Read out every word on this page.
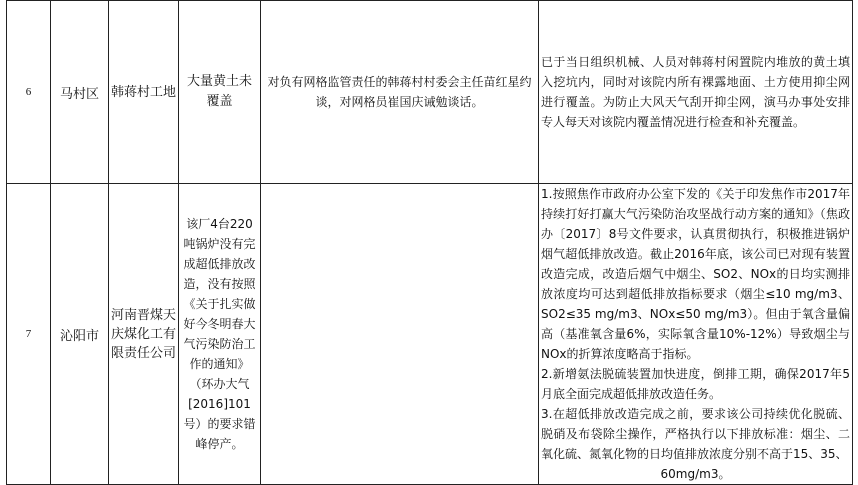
6	马村区	韩蒋村工地	大量黄土未覆盖	对负有网格监管责任的韩蒋村村委会主任苗红星约谈，对网格员崔国庆诫勉谈话。	已于当日组织机械、人员对韩蒋村闲置院内堆放的黄土填入挖坑内，同时对该院内所有裸露地面、土方使用抑尘网进行覆盖。为防止大风天气刮开抑尘网，演马办事处安排专人每天对该院内覆盖情况进行检查和补充覆盖。
7	沁阳市	河南晋煤天庆煤化工有限责任公司	该厂4台220吨锅炉没有完成超低排放改造，没有按照《关于扎实做好今冬明春大气污染防治工作的通知》（环办大气[2016]101号）的要求错峰停产。		1.按照焦作市政府办公室下发的《关于印发焦作市2017年持续打好打赢大气污染防治攻坚战行动方案的通知》（焦政办〔2017〕8号文件要求，认真贯彻执行，积极推进锅炉烟气超低排放改造。截止2016年底，该公司已对现有装置改造完成，改造后烟气中烟尘、SO2、NOx的日均实测排放浓度均可达到超低排放指标要求（烟尘≤10 mg/m3、SO2≤35 mg/m3、NOx≤50 mg/m3）。但由于氧含量偏高（基准氧含量6%，实际氧含量10%-12%）导致烟尘与NOx的折算浓度略高于指标。

2.新增氨法脱硫装置加快进度，倒排工期，确保2017年5月底全面完成超低排放改造任务。

3.在超低排放改造完成之前，要求该公司持续优化脱硫、脱硝及布袋除尘操作，严格执行以下排放标准：烟尘、二氧化硫、氮氧化物的日均值排放浓度分别不高于15、35、

60mg/m3。
